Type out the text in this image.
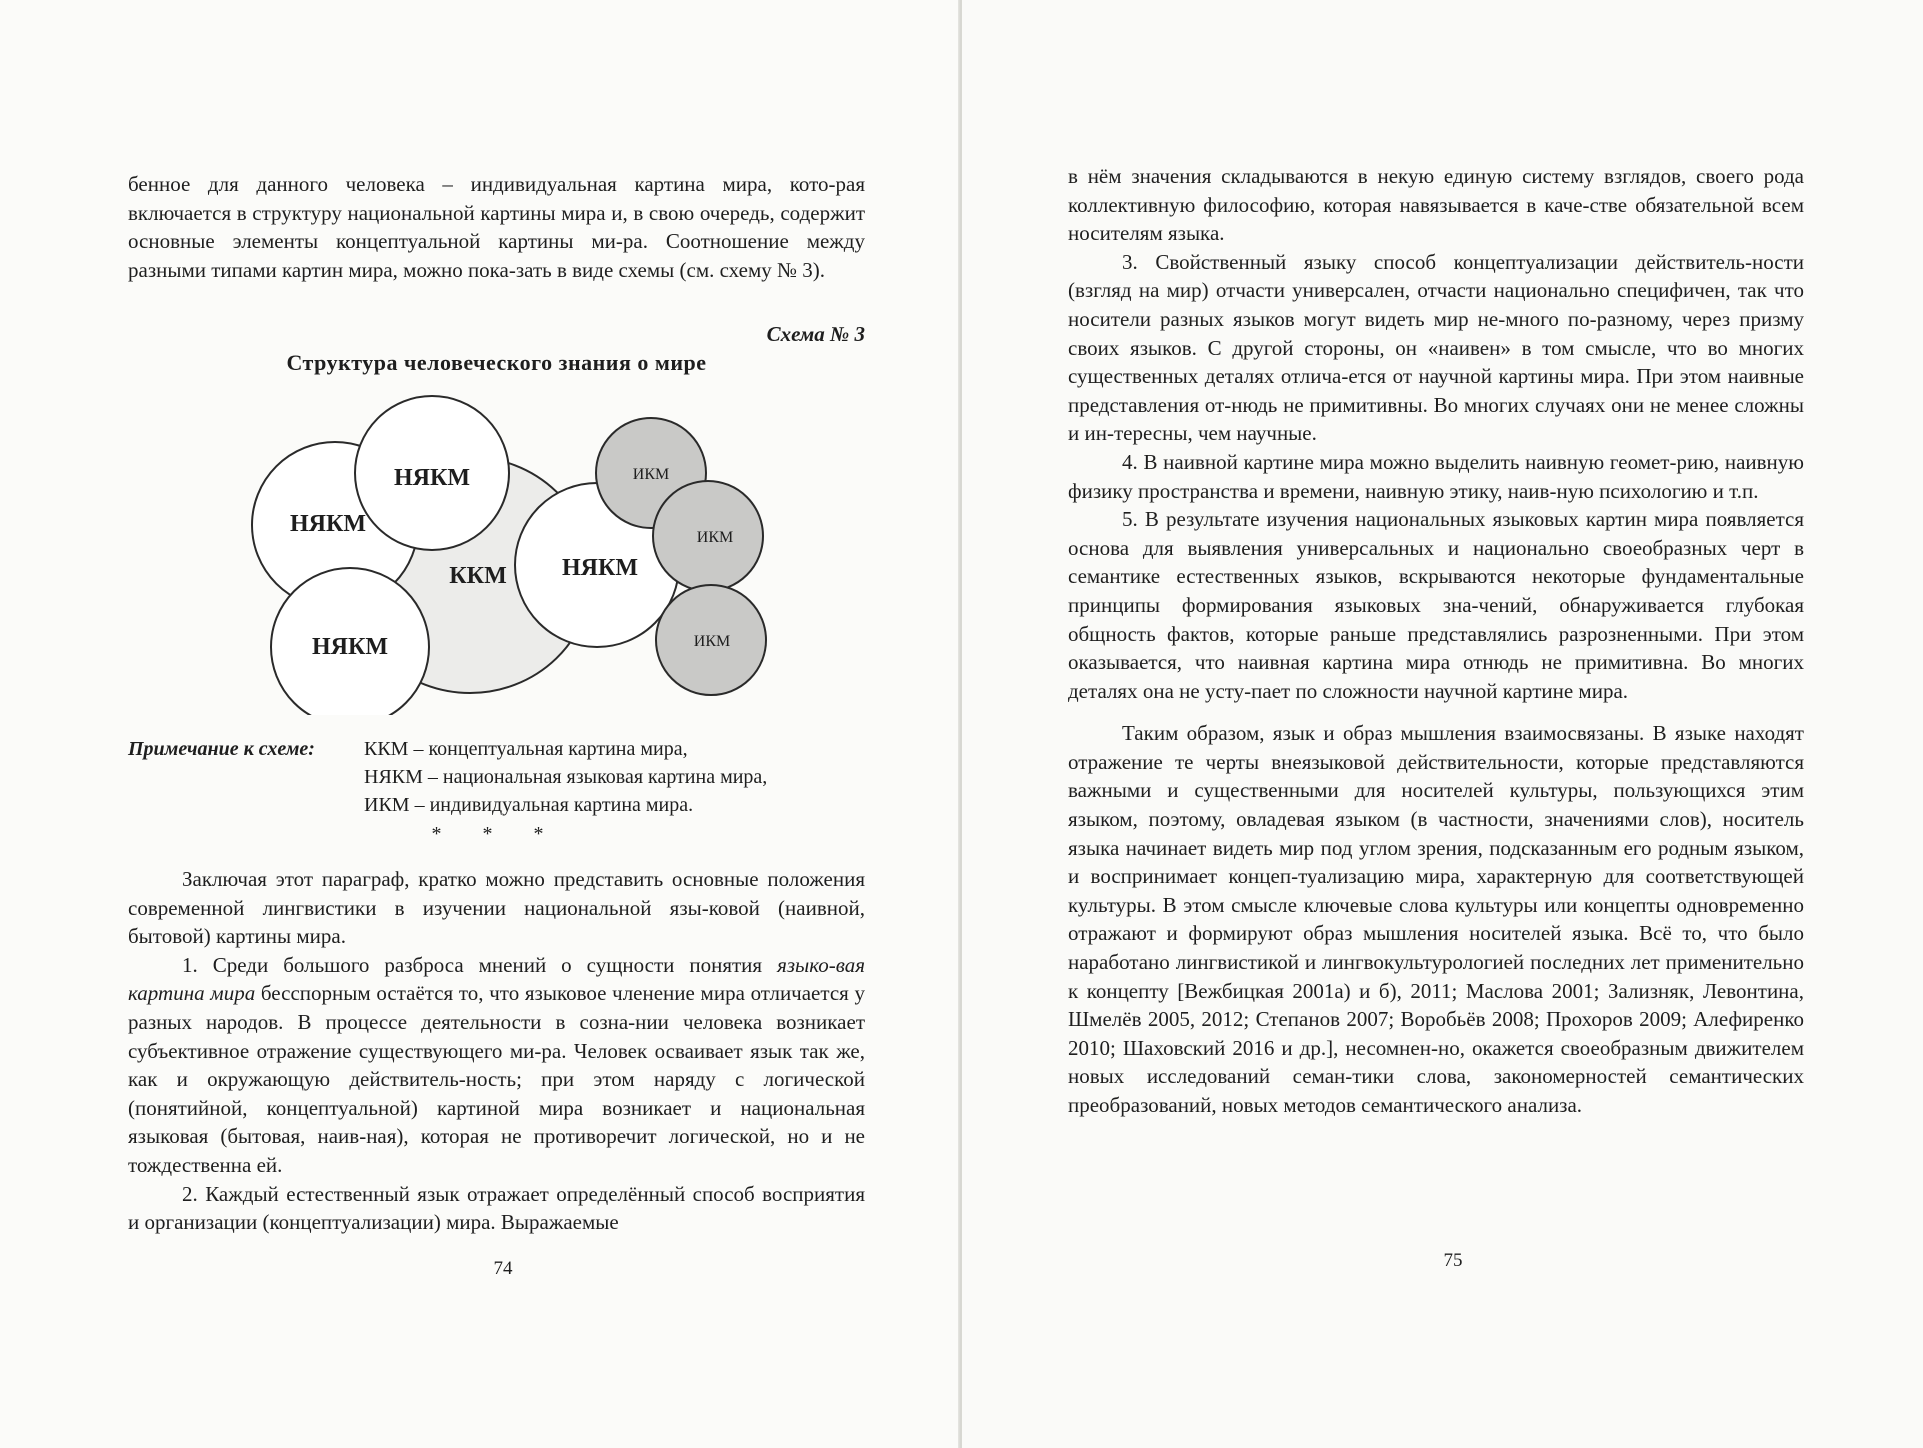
бенное для данного человека – индивидуальная картина мира, кото-рая включается в структуру национальной картины мира и, в свою очередь, содержит основные элементы концептуальной картины ми-ра. Соотношение между разными типами картин мира, можно пока-зать в виде схемы (см. схему № 3).

Схема № 3
Структура человеческого знания о мире
ККМ
НЯКМ
НЯКМ
НЯКМ
НЯКМ
ИКМ
ИКМ
ИКМ
Примечание к схеме: ККМ – концептуальная картина мира,
НЯКМ – национальная языковая картина мира,
ИКМ – индивидуальная картина мира.
* * *

Заключая этот параграф, кратко можно представить основные положения современной лингвистики в изучении национальной язы-ковой (наивной, бытовой) картины мира.

1. Среди большого разброса мнений о сущности понятия языко-вая картина мира бесспорным остаётся то, что языковое членение мира отличается у разных народов. В процессе деятельности в созна-нии человека возникает субъективное отражение существующего ми-ра. Человек осваивает язык так же, как и окружающую действитель-ность; при этом наряду с логической (понятийной, концептуальной) картиной мира возникает и национальная языковая (бытовая, наив-ная), которая не противоречит логической, но и не тождественна ей.

2. Каждый естественный язык отражает определённый способ восприятия и организации (концептуализации) мира. Выражаемые

74

в нём значения складываются в некую единую систему взглядов, своего рода коллективную философию, которая навязывается в каче-стве обязательной всем носителям языка.

3. Свойственный языку способ концептуализации действитель-ности (взгляд на мир) отчасти универсален, отчасти национально специфичен, так что носители разных языков могут видеть мир не-много по-разному, через призму своих языков. С другой стороны, он «наивен» в том смысле, что во многих существенных деталях отлича-ется от научной картины мира. При этом наивные представления от-нюдь не примитивны. Во многих случаях они не менее сложны и ин-тересны, чем научные.

4. В наивной картине мира можно выделить наивную геомет-рию, наивную физику пространства и времени, наивную этику, наив-ную психологию и т.п.

5. В результате изучения национальных языковых картин мира появляется основа для выявления универсальных и национально своеобразных черт в семантике естественных языков, вскрываются некоторые фундаментальные принципы формирования языковых зна-чений, обнаруживается глубокая общность фактов, которые раньше представлялись разрозненными. При этом оказывается, что наивная картина мира отнюдь не примитивна. Во многих деталях она не усту-пает по сложности научной картине мира.

Таким образом, язык и образ мышления взаимосвязаны. В языке находят отражение те черты внеязыковой действительности, которые представляются важными и существенными для носителей культуры, пользующихся этим языком, поэтому, овладевая языком (в частности, значениями слов), носитель языка начинает видеть мир под углом зрения, подсказанным его родным языком, и воспринимает концеп-туализацию мира, характерную для соответствующей культуры. В этом смысле ключевые слова культуры или концепты одновременно отражают и формируют образ мышления носителей языка. Всё то, что было наработано лингвистикой и лингвокультурологией последних лет применительно к концепту [Вежбицкая 2001а) и б), 2011; Маслова 2001; Зализняк, Левонтина, Шмелёв 2005, 2012; Степанов 2007; Воробьёв 2008; Прохоров 2009; Алефиренко 2010; Шаховский 2016 и др.], несомнен-но, окажется своеобразным движителем новых исследований семан-тики слова, закономерностей семантических преобразований, новых методов семантического анализа.

75
